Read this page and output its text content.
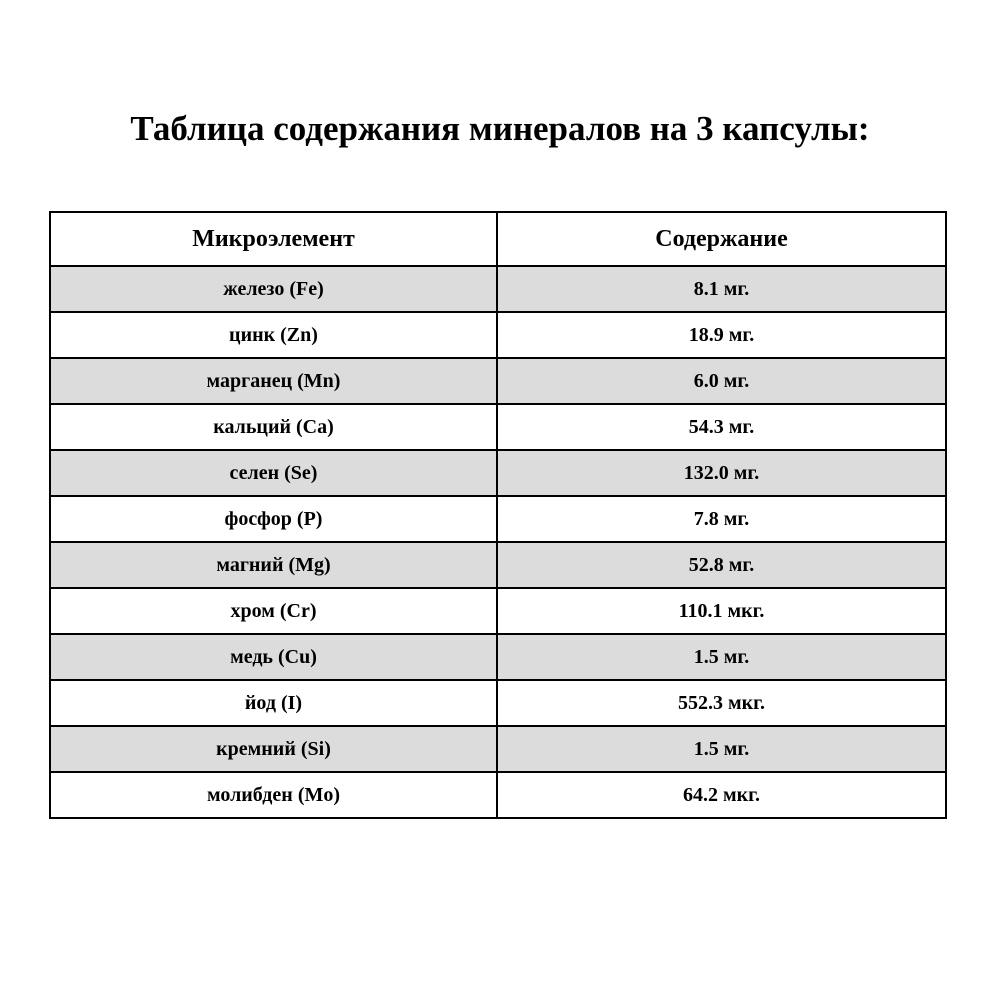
Таблица содержания минералов на 3 капсулы:
Микроэлемент	Содержание
железо (Fe)	8.1 мг.
цинк (Zn)	18.9 мг.
марганец (Mn)	6.0 мг.
кальций (Ca)	54.3 мг.
селен (Se)	132.0 мг.
фосфор (P)	7.8 мг.
магний (Mg)	52.8 мг.
хром (Cr)	110.1 мкг.
медь (Cu)	1.5 мг.
йод (I)	552.3 мкг.
кремний (Si)	1.5 мг.
молибден (Mo)	64.2 мкг.
